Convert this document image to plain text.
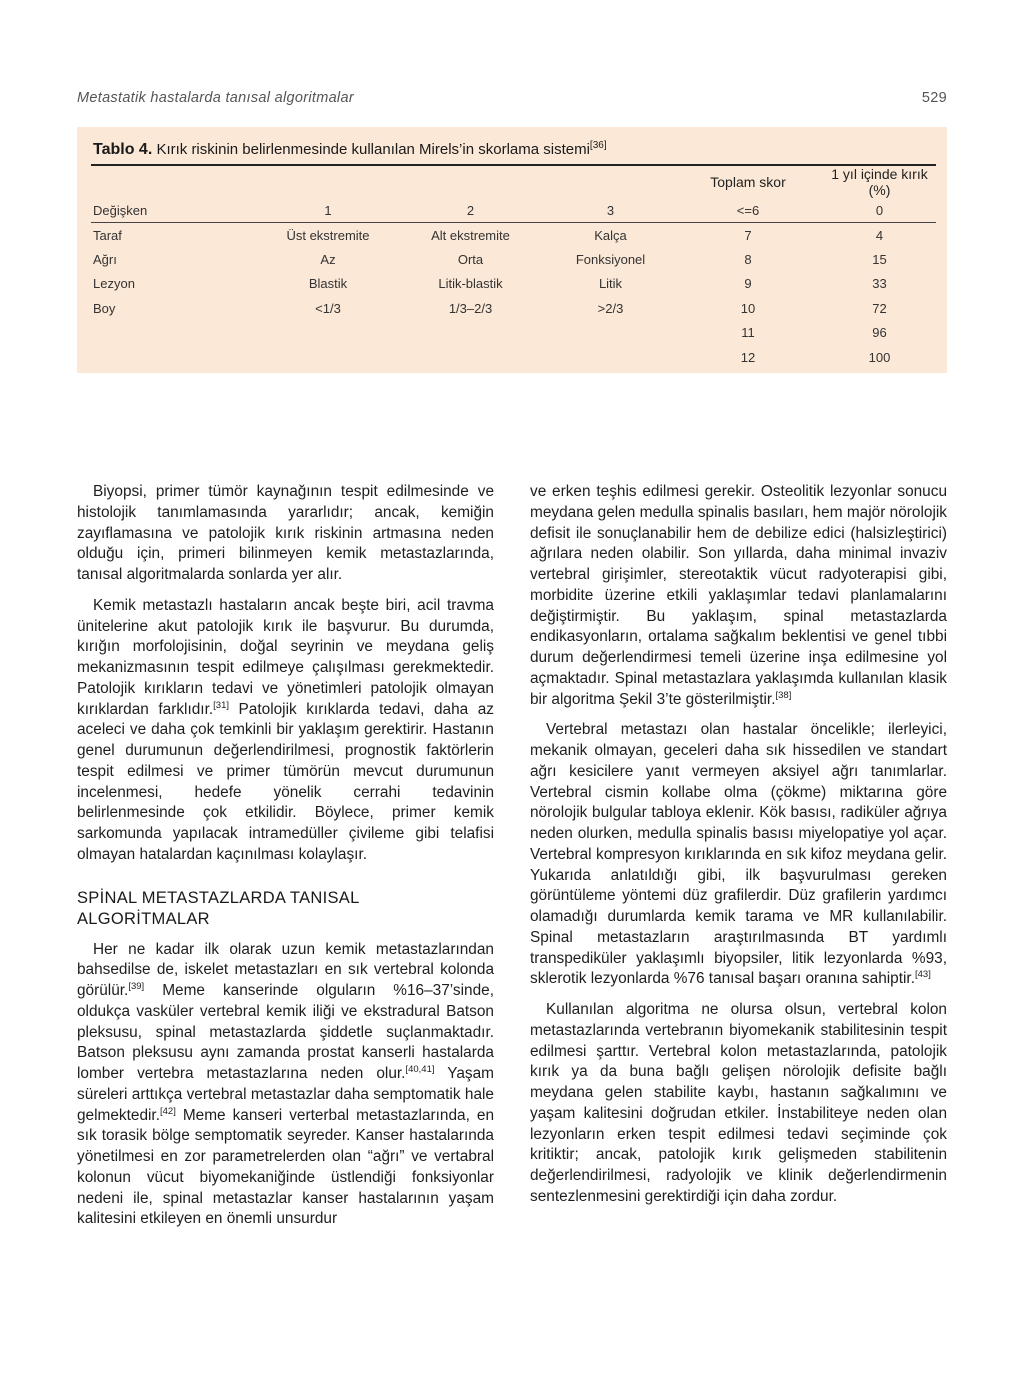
Metastatik hastalarda tanısal algoritmalar	529

Tablo 4. Kırık riskinin belirlenmesinde kullanılan Mirels’in skorlama sistemi[36]

				Toplam skor	1 yıl içinde kırık (%)
Değişken	1	2	3	<=6	0
Taraf	Üst ekstremite	Alt ekstremite	Kalça	7	4
Ağrı	Az	Orta	Fonksiyonel	8	15
Lezyon	Blastik	Litik-blastik	Litik	9	33
Boy	<1/3	1/3–2/3	>2/3	10	72
				11	96
				12	100

Biyopsi, primer tümör kaynağının tespit edilmesinde ve histolojik tanımlamasında yararlıdır; ancak, kemiğin zayıflamasına ve patolojik kırık riskinin artmasına neden olduğu için, primeri bilinmeyen kemik metastazlarında, tanısal algoritmalarda sonlarda yer alır.

Kemik metastazlı hastaların ancak beşte biri, acil travma ünitelerine akut patolojik kırık ile başvurur. Bu durumda, kırığın morfolojisinin, doğal seyrinin ve meydana geliş mekanizmasının tespit edilmeye çalışılması gerekmektedir. Patolojik kırıkların tedavi ve yönetimleri patolojik olmayan kırıklardan farklıdır.[31] Patolojik kırıklarda tedavi, daha az aceleci ve daha çok temkinli bir yaklaşım gerektirir. Hastanın genel durumunun değerlendirilmesi, prognostik faktörlerin tespit edilmesi ve primer tümörün mevcut durumunun incelenmesi, hedefe yönelik cerrahi tedavinin belirlenmesinde çok etkilidir. Böylece, primer kemik sarkomunda yapılacak intramedüller çivileme gibi telafisi olmayan hatalardan kaçınılması kolaylaşır.

SPİNAL METASTAZLARDA TANISAL ALGORİTMALAR

Her ne kadar ilk olarak uzun kemik metastazlarından bahsedilse de, iskelet metastazları en sık vertebral kolonda görülür.[39] Meme kanserinde olguların %16–37’sinde, oldukça vasküler vertebral kemik iliği ve ekstradural Batson pleksusu, spinal metastazlarda şiddetle suçlanmaktadır. Batson pleksusu aynı zamanda prostat kanserli hastalarda lomber vertebra metastazlarına neden olur.[40,41] Yaşam süreleri arttıkça vertebral metastazlar daha semptomatik hale gelmektedir.[42] Meme kanseri verterbal metastazlarında, en sık torasik bölge semptomatik seyreder. Kanser hastalarında yönetilmesi en zor parametrelerden olan “ağrı” ve vertabral kolonun vücut biyomekaniğinde üstlendiği fonksiyonlar nedeni ile, spinal metastazlar kanser hastalarının yaşam kalitesini etkileyen en önemli unsurdur

ve erken teşhis edilmesi gerekir. Osteolitik lezyonlar sonucu meydana gelen medulla spinalis basıları, hem majör nörolojik defisit ile sonuçlanabilir hem de debilize edici (halsizleştirici) ağrılara neden olabilir. Son yıllarda, daha minimal invaziv vertebral girişimler, stereotaktik vücut radyoterapisi gibi, morbidite üzerine etkili yaklaşımlar tedavi planlamalarını değiştirmiştir. Bu yaklaşım, spinal metastazlarda endikasyonların, ortalama sağkalım beklentisi ve genel tıbbi durum değerlendirmesi temeli üzerine inşa edilmesine yol açmaktadır. Spinal metastazlara yaklaşımda kullanılan klasik bir algoritma Şekil 3’te gösterilmiştir.[38]

Vertebral metastazı olan hastalar öncelikle; ilerleyici, mekanik olmayan, geceleri daha sık hissedilen ve standart ağrı kesicilere yanıt vermeyen aksiyel ağrı tanımlarlar. Vertebral cismin kollabe olma (çökme) miktarına göre nörolojik bulgular tabloya eklenir. Kök basısı, radiküler ağrıya neden olurken, medulla spinalis basısı miyelopatiye yol açar. Vertebral kompresyon kırıklarında en sık kifoz meydana gelir. Yukarıda anlatıldığı gibi, ilk başvurulması gereken görüntüleme yöntemi düz grafilerdir. Düz grafilerin yardımcı olamadığı durumlarda kemik tarama ve MR kullanılabilir. Spinal metastazların araştırılmasında BT yardımlı transpediküler yaklaşımlı biyopsiler, litik lezyonlarda %93, sklerotik lezyonlarda %76 tanısal başarı oranına sahiptir.[43]

Kullanılan algoritma ne olursa olsun, vertebral kolon metastazlarında vertebranın biyomekanik stabilitesinin tespit edilmesi şarttır. Vertebral kolon metastazlarında, patolojik kırık ya da buna bağlı gelişen nörolojik defisite bağlı meydana gelen stabilite kaybı, hastanın sağkalımını ve yaşam kalitesini doğrudan etkiler. İnstabiliteye neden olan lezyonların erken tespit edilmesi tedavi seçiminde çok kritiktir; ancak, patolojik kırık gelişmeden stabilitenin değerlendirilmesi, radyolojik ve klinik değerlendirmenin sentezlenmesini gerektirdiği için daha zordur.
